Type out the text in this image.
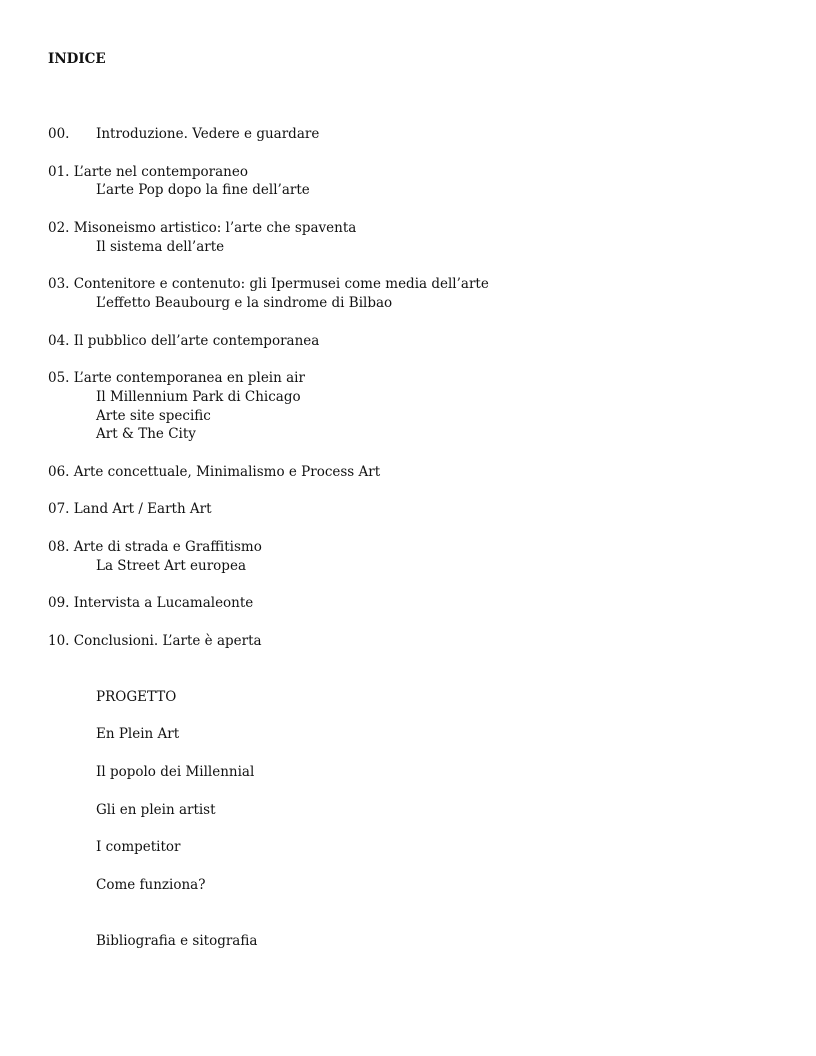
INDICE
00. Introduzione. Vedere e guardare
01. L’arte nel contemporaneo
L’arte Pop dopo la fine dell’arte
02. Misoneismo artistico: l’arte che spaventa
Il sistema dell’arte
03. Contenitore e contenuto: gli Ipermusei come media dell’arte
L’effetto Beaubourg e la sindrome di Bilbao
04. Il pubblico dell’arte contemporanea
05. L’arte contemporanea en plein air
Il Millennium Park di Chicago
Arte site specific
Art & The City
06. Arte concettuale, Minimalismo e Process Art
07. Land Art / Earth Art
08. Arte di strada e Graffitismo
La Street Art europea
09. Intervista a Lucamaleonte
10. Conclusioni. L’arte è aperta
PROGETTO
En Plein Art
Il popolo dei Millennial
Gli en plein artist
I competitor
Come funziona?
Bibliografia e sitografia
